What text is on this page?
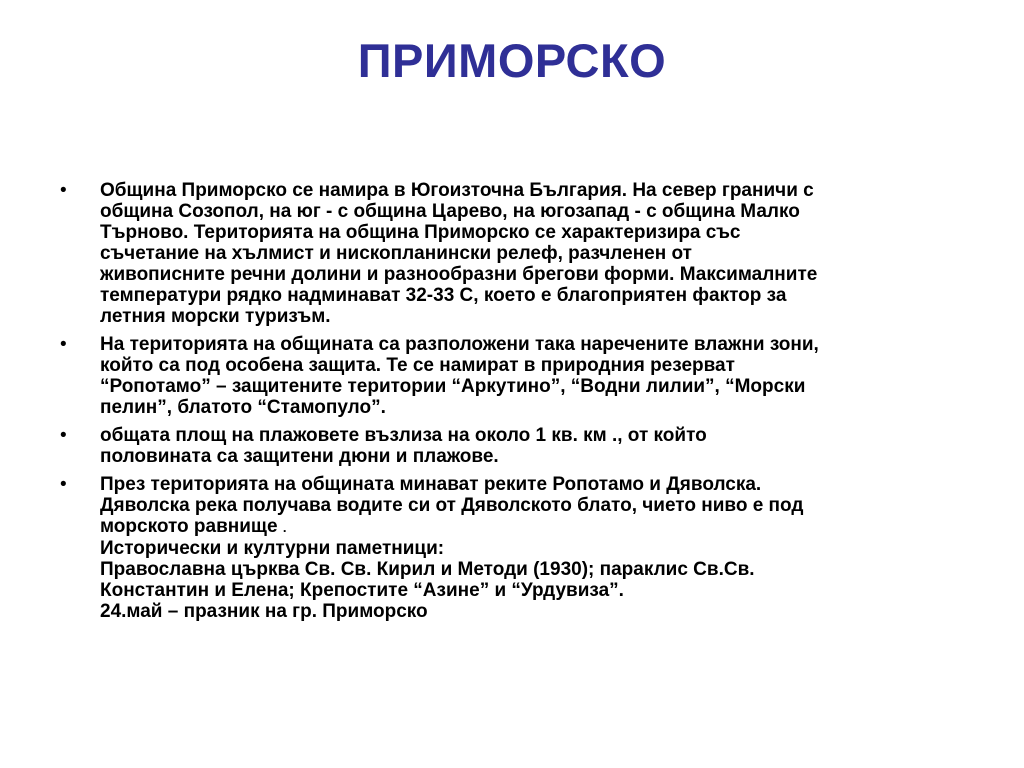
ПРИМОРСКО
•	Община Приморско се намира в Югоизточна България. На север граничи с
община Созопол, на юг - с община Царево, на югозапад - с община Малко
Търново. Територията на община Приморско се характеризира със
съчетание на хълмист и нископланински релеф, разчленен от
живописните речни долини и разнообразни брегови форми. Максималните
температури рядко надминават 32-33 С, което е благоприятен фактор за
летния морски туризъм.
•	На територията на общината са разположени така наречените влажни зони,
който са под особена защита. Те се намират в природния резерват
“Ропотамо” – защитените територии “Аркутино”, “Водни лилии”, “Морски
пелин”, блатото “Стамопуло”.
•	общата площ на плажовете възлиза на около 1 кв. км ., от който
половината са защитени дюни и плажове.
•	През територията на общината минават реките Ропотамо и Дяволска.
Дяволска река получава водите си от Дяволското блато, чието ниво е под
морското равнище .
Исторически и културни паметници:
Православна църква Св. Св. Кирил и Методи (1930); параклис Св.Св.
Константин и Елена; Крепостите “Азине” и “Урдувиза”.
24.май – празник на гр. Приморско
